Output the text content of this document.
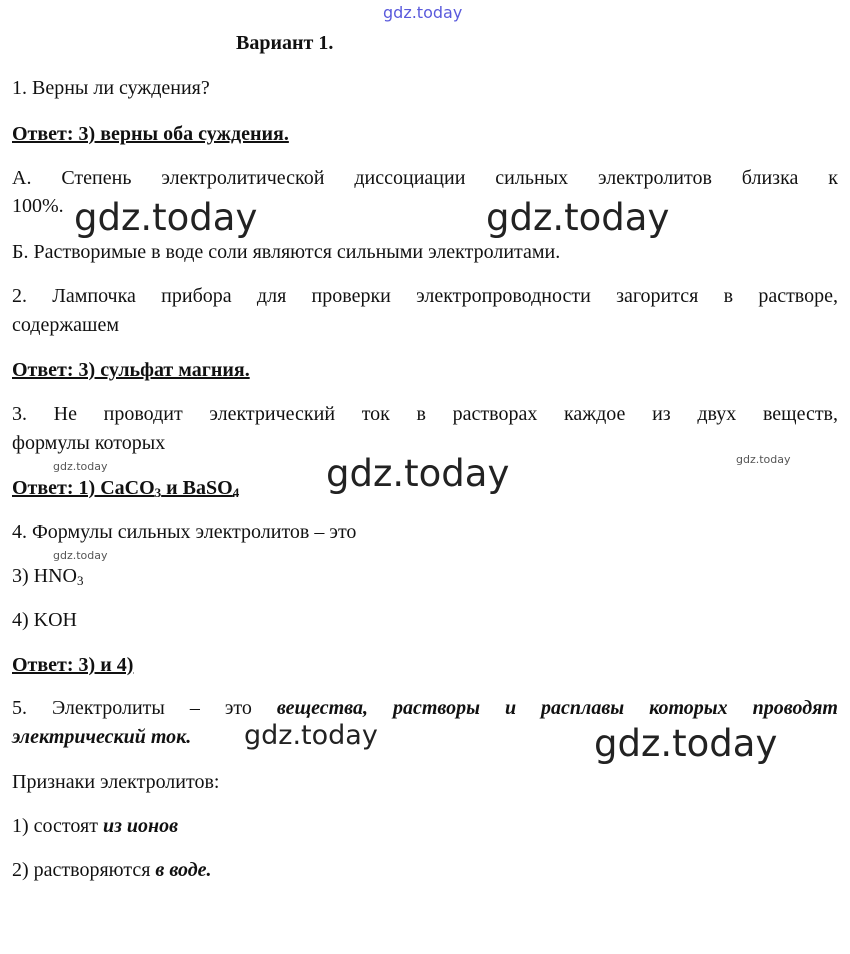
gdz.today
Вариант 1.
1. Верны ли суждения?
Ответ: 3) верны оба суждения.
А. Степень электролитической диссоциации сильных электролитов близка к
100%.
Б. Растворимые в воде соли являются сильными электролитами.
2. Лампочка прибора для проверки электропроводности загорится в растворе,
содержашем
Ответ: 3) сульфат магния.
3. Не проводит электрический ток в растворах каждое из двух веществ,
формулы которых
Ответ: 1) CaCO$_3$ и BaSO$_4$
4. Формулы сильных электролитов – это
3) $HNO_3$
4) KOH
Ответ: 3) и 4)
5. Электролиты – это вещества, растворы и расплавы которых проводят
электрический ток.
Признаки электролитов:
1) состоят из ионов
2) растворяются в воде.
gdz.today	gdz.today
gdz.today
gdz.today
gdz.today
gdz.today
gdz.today
gdz.today
